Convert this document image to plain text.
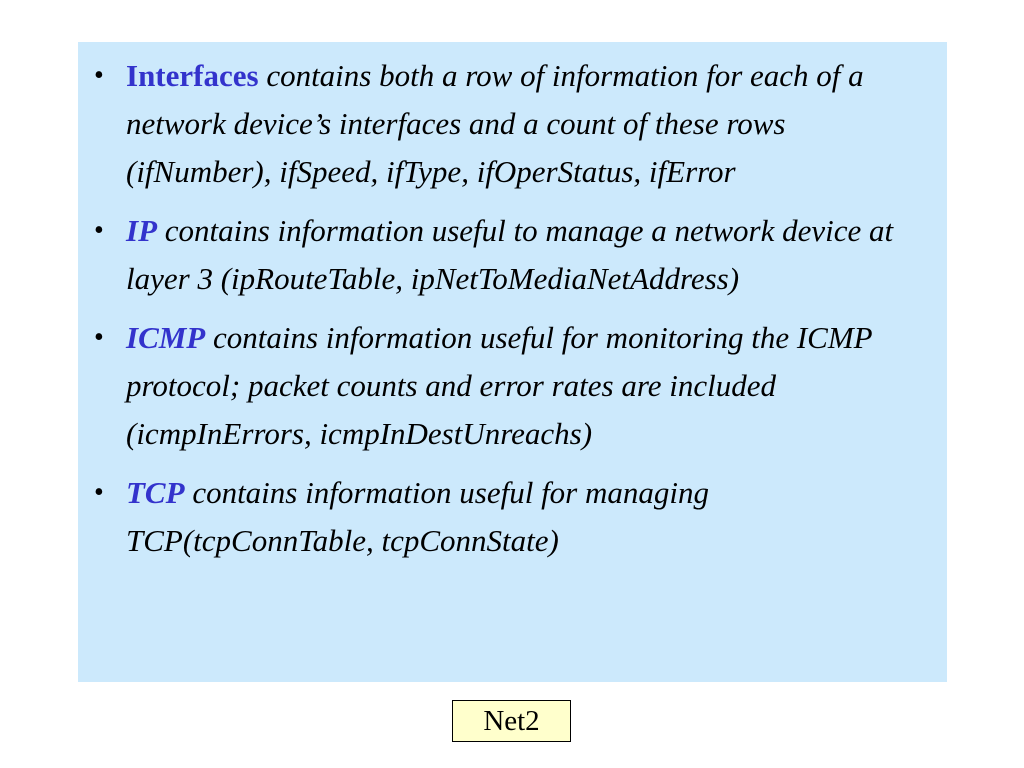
• Interfaces contains both a row of information for each of a network device’s interfaces and a count of these rows (ifNumber), ifSpeed, ifType, ifOperStatus, ifError
• IP contains information useful to manage a network device at layer 3 (ipRouteTable, ipNetToMediaNetAddress)
• ICMP contains information useful for monitoring the ICMP protocol; packet counts and error rates are included (icmpInErrors, icmpInDestUnreachs)
• TCP contains information useful for managing TCP(tcpConnTable, tcpConnState)
Net2
